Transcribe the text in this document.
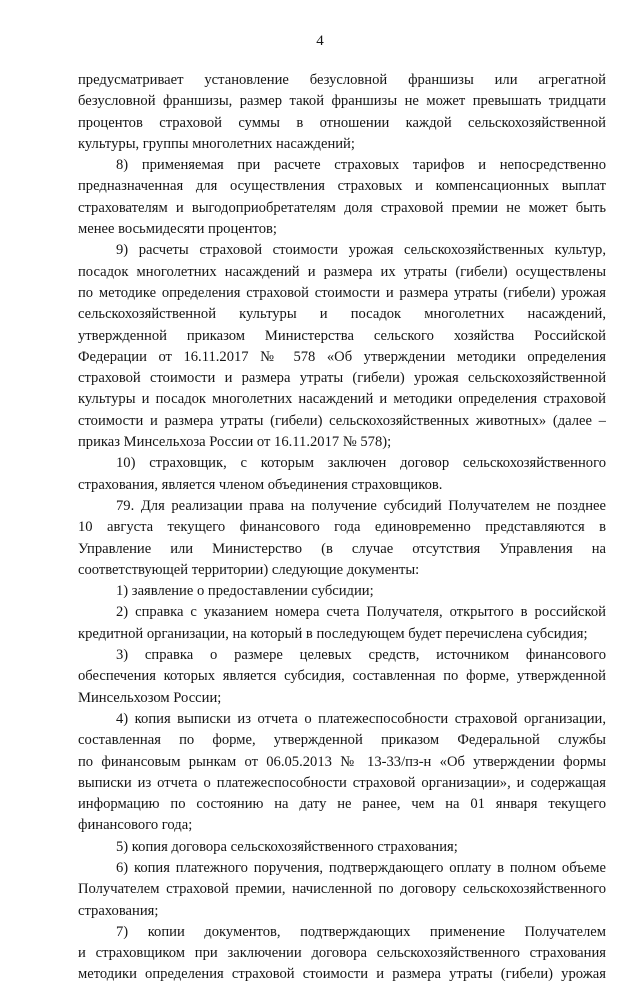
4
предусматривает установление безусловной франшизы или агрегатной
безусловной франшизы, размер такой франшизы не может превышать тридцати
процентов страховой суммы в отношении каждой сельскохозяйственной
культуры, группы многолетних насаждений;
8) применяемая при расчете страховых тарифов и непосредственно
предназначенная для осуществления страховых и компенсационных выплат
страхователям и выгодоприобретателям доля страховой премии не может быть
менее восьмидесяти процентов;
9) расчеты страховой стоимости урожая сельскохозяйственных культур,
посадок многолетних насаждений и размера их утраты (гибели) осуществлены
по методике определения страховой стоимости и размера утраты (гибели) урожая
сельскохозяйственной культуры и посадок многолетних насаждений,
утвержденной приказом Министерства сельского хозяйства Российской
Федерации от 16.11.2017 № 578 «Об утверждении методики определения
страховой стоимости и размера утраты (гибели) урожая сельскохозяйственной
культуры и посадок многолетних насаждений и методики определения страховой
стоимости и размера утраты (гибели) сельскохозяйственных животных» (далее –
приказ Минсельхоза России от 16.11.2017 № 578);
10) страховщик, с которым заключен договор сельскохозяйственного
страхования, является членом объединения страховщиков.
79. Для реализации права на получение субсидий Получателем не позднее
10 августа текущего финансового года единовременно представляются в
Управление или Министерство (в случае отсутствия Управления на
соответствующей территории) следующие документы:
1) заявление о предоставлении субсидии;
2) справка с указанием номера счета Получателя, открытого в российской
кредитной организации, на который в последующем будет перечислена субсидия;
3) справка о размере целевых средств, источником финансового
обеспечения которых является субсидия, составленная по форме, утвержденной
Минсельхозом России;
4) копия выписки из отчета о платежеспособности страховой организации,
составленная по форме, утвержденной приказом Федеральной службы
по финансовым рынкам от 06.05.2013 № 13-33/пз-н «Об утверждении формы
выписки из отчета о платежеспособности страховой организации», и содержащая
информацию по состоянию на дату не ранее, чем на 01 января текущего
финансового года;
5) копия договора сельскохозяйственного страхования;
6) копия платежного поручения, подтверждающего оплату в полном объеме
Получателем страховой премии, начисленной по договору сельскохозяйственного
страхования;
7) копии документов, подтверждающих применение Получателем
и страховщиком при заключении договора сельскохозяйственного страхования
методики определения страховой стоимости и размера утраты (гибели) урожая
